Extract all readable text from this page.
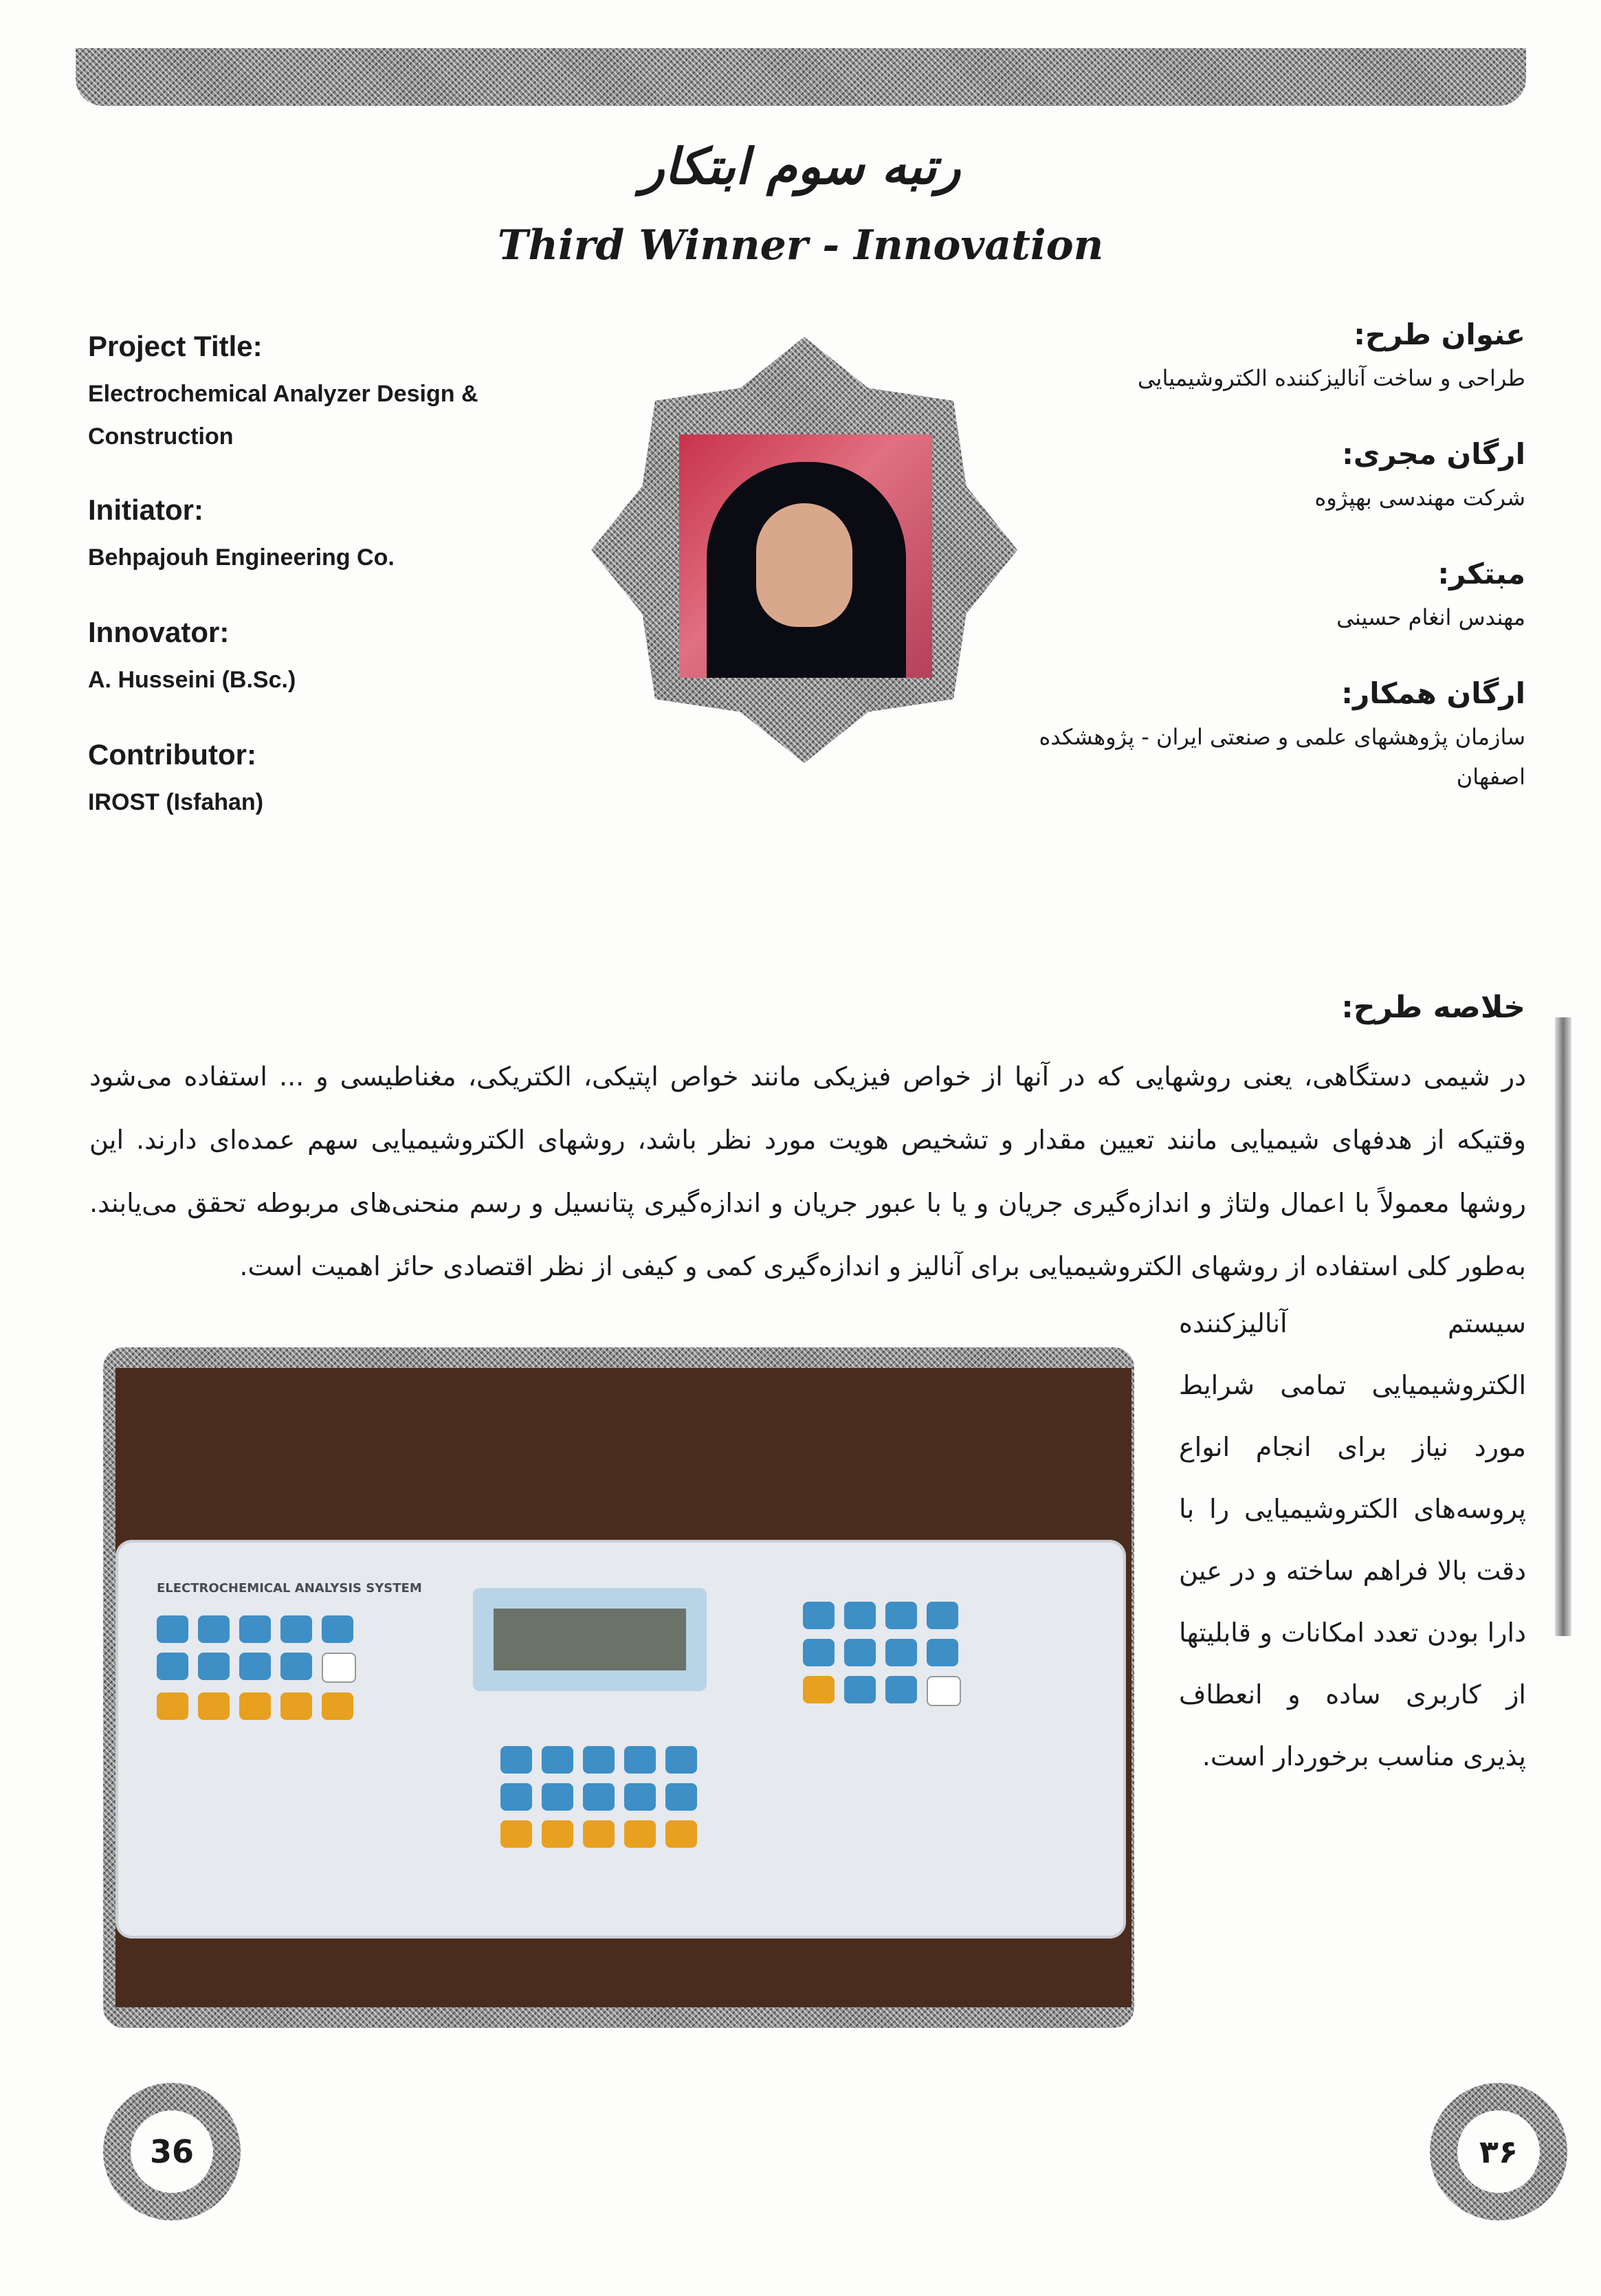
رتبه سوم ابتکار
Third Winner - Innovation
Project Title:
Electrochemical Analyzer Design & Construction
Initiator:
Behpajouh Engineering Co.
Innovator:
A. Husseini (B.Sc.)
Contributor:
IROST (Isfahan)
عنوان طرح:
طراحی و ساخت آنالیزکننده الکتروشیمیایی
ارگان مجری:
شرکت مهندسی بهپژوه
مبتکر:
مهندس انغام حسینی
ارگان همکار:
سازمان پژوهشهای علمی و صنعتی ایران - پژوهشکده اصفهان
خلاصه طرح:
در شیمی دستگاهی، یعنی روشهایی که در آنها از خواص فیزیکی مانند خواص اپتیکی، الکتریکی، مغناطیسی و ... استفاده می‌شود وقتیکه از هدفهای شیمیایی مانند تعیین مقدار و تشخیص هویت مورد نظر باشد، روشهای الکتروشیمیایی سهم عمده‌ای دارند. این روشها معمولاً با اعمال ولتاژ و اندازه‌گیری جریان و یا با عبور جریان و اندازه‌گیری پتانسیل و رسم منحنی‌های مربوطه تحقق می‌یابند. به‌طور کلی استفاده از روشهای الکتروشیمیایی برای آنالیز و اندازه‌گیری کمی و کیفی از نظر اقتصادی حائز اهمیت است.
سیستم آنالیزکننده الکتروشیمیایی تمامی شرایط مورد نیاز برای انجام انواع پروسه‌های الکتروشیمیایی را با دقت بالا فراهم ساخته و در عین دارا بودن تعدد امکانات و قابلیتها از کاربری ساده و انعطاف پذیری مناسب برخوردار است.
ELECTROCHEMICAL ANALYSIS SYSTEM
36	۳۶
